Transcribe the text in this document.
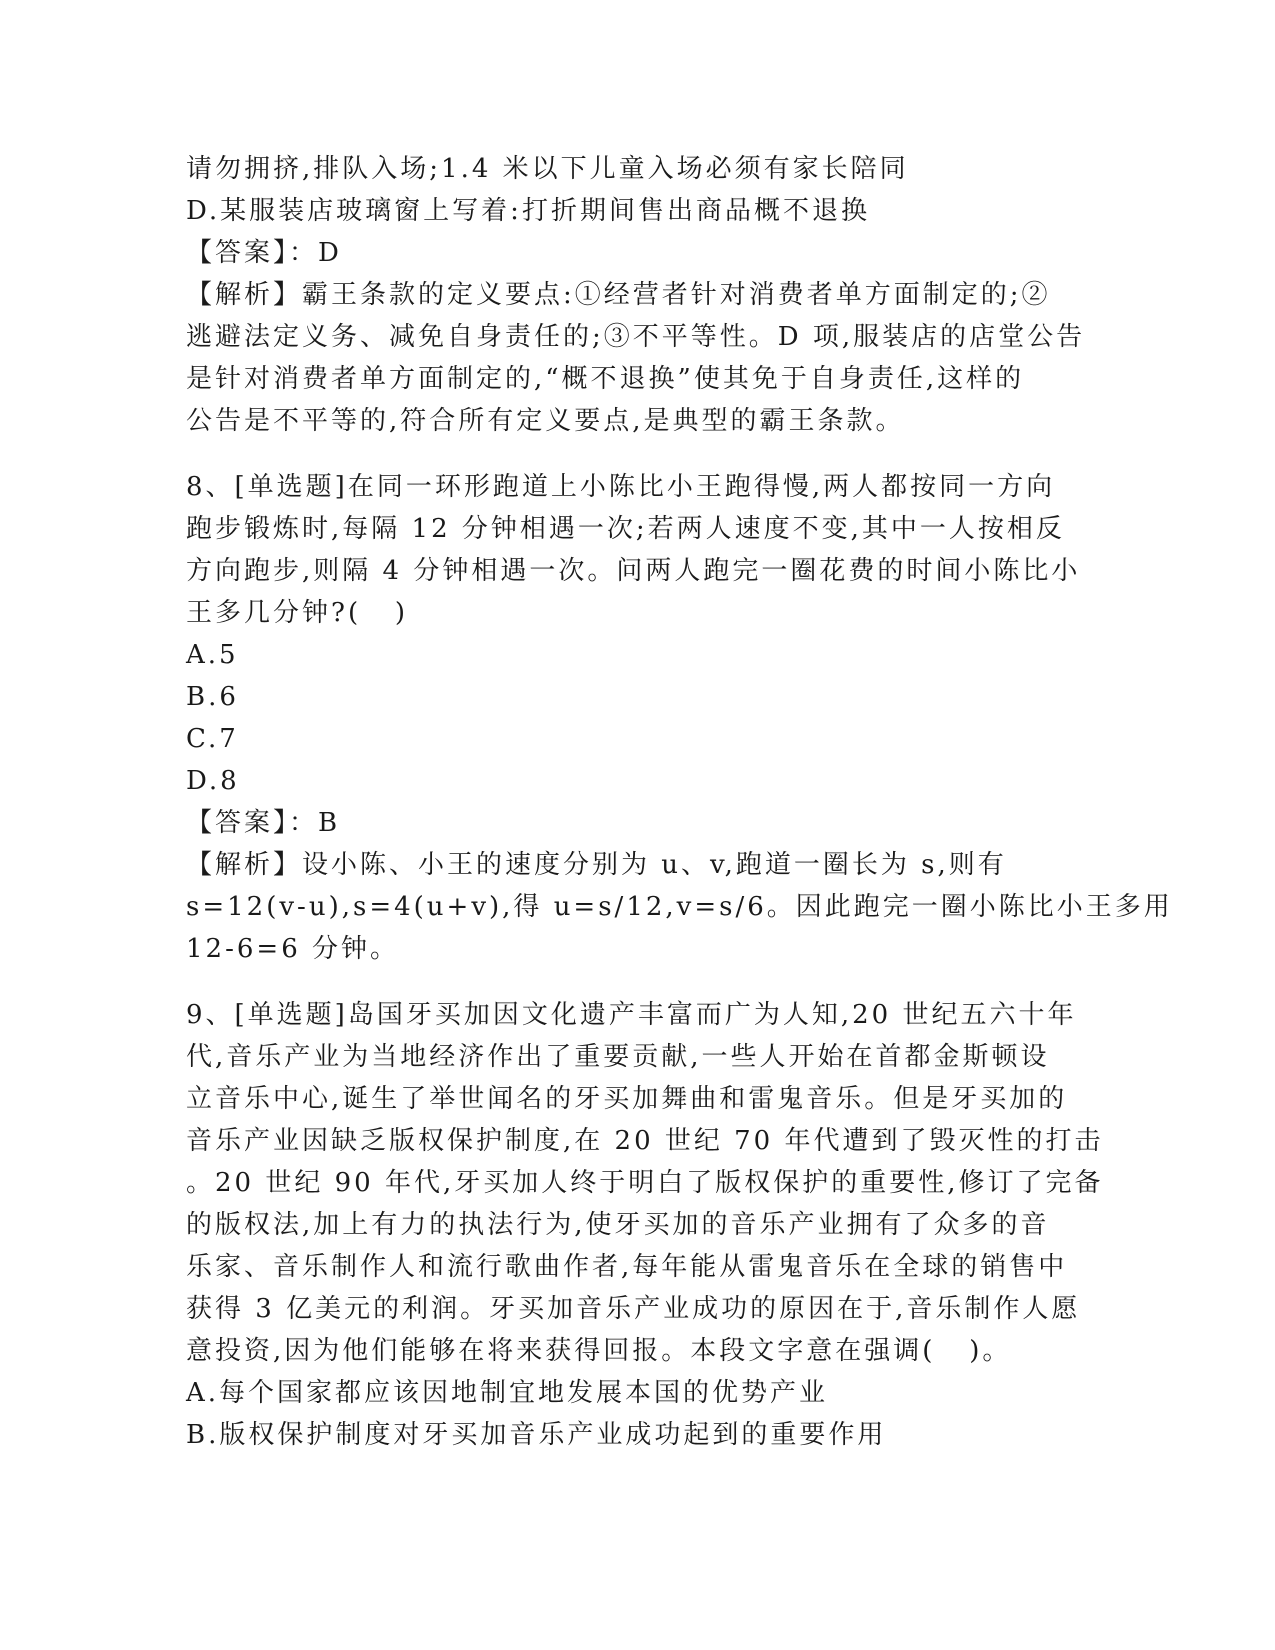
请勿拥挤,排队入场;1.4 米以下儿童入场必须有家长陪同
D.某服装店玻璃窗上写着:打折期间售出商品概不退换
【答案】：D
【解析】霸王条款的定义要点:①经营者针对消费者单方面制定的;②
逃避法定义务、减免自身责任的;③不平等性。D 项,服装店的店堂公告
是针对消费者单方面制定的,“概不退换”使其免于自身责任,这样的
公告是不平等的,符合所有定义要点,是典型的霸王条款。
8、[单选题]在同一环形跑道上小陈比小王跑得慢,两人都按同一方向
跑步锻炼时,每隔 12 分钟相遇一次;若两人速度不变,其中一人按相反
方向跑步,则隔 4 分钟相遇一次。问两人跑完一圈花费的时间小陈比小
王多几分钟?(   )
A.5
B.6
C.7
D.8
【答案】：B
【解析】设小陈、小王的速度分别为 u、v,跑道一圈长为 s,则有
s=12(v-u),s=4(u+v),得 u=s/12,v=s/6。因此跑完一圈小陈比小王多用
12-6=6 分钟。
9、[单选题]岛国牙买加因文化遗产丰富而广为人知,20 世纪五六十年
代,音乐产业为当地经济作出了重要贡献,一些人开始在首都金斯顿设
立音乐中心,诞生了举世闻名的牙买加舞曲和雷鬼音乐。但是牙买加的
音乐产业因缺乏版权保护制度,在 20 世纪 70 年代遭到了毁灭性的打击
。20 世纪 90 年代,牙买加人终于明白了版权保护的重要性,修订了完备
的版权法,加上有力的执法行为,使牙买加的音乐产业拥有了众多的音
乐家、音乐制作人和流行歌曲作者,每年能从雷鬼音乐在全球的销售中
获得 3 亿美元的利润。牙买加音乐产业成功的原因在于,音乐制作人愿
意投资,因为他们能够在将来获得回报。本段文字意在强调(   )。
A.每个国家都应该因地制宜地发展本国的优势产业
B.版权保护制度对牙买加音乐产业成功起到的重要作用
